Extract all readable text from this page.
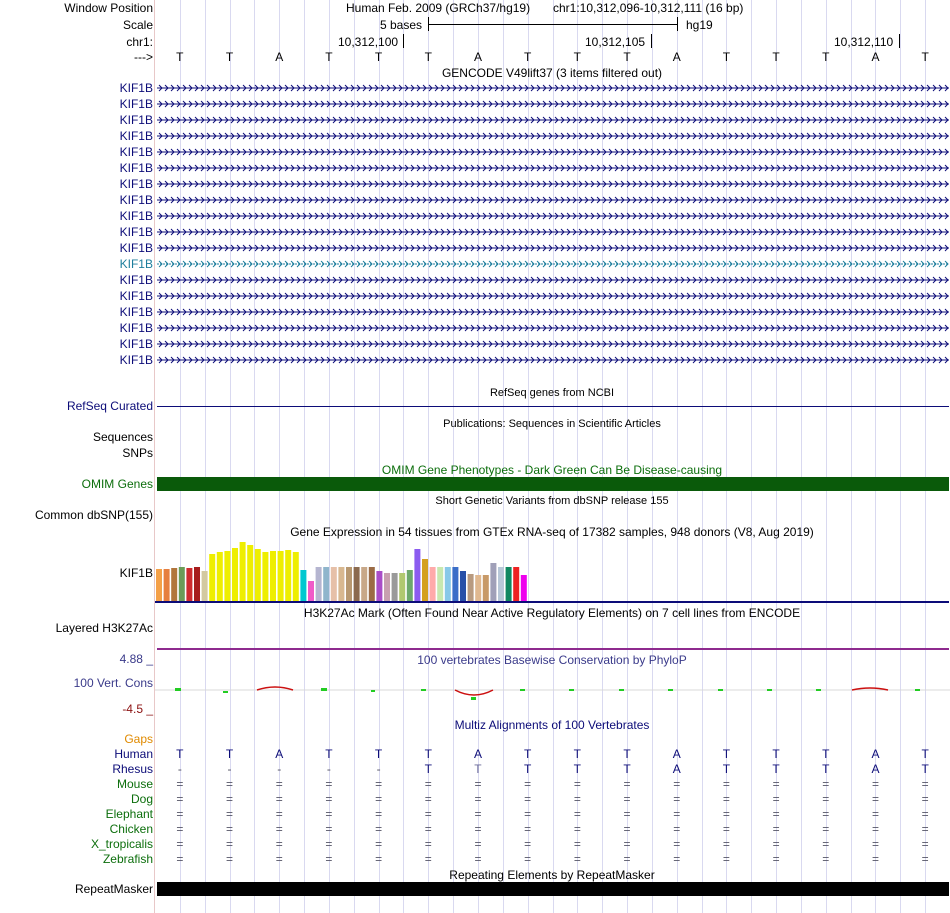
Window Position	Human Feb. 2009 (GRCh37/hg19) chr1:10,312,096-10,312,111 (16 bp)
Scale	5 bases	hg19
chr1:	10,312,100	10,312,105	10,312,110
---> T	T	A	T	T	T	A	T	T	T	A	T	T	T	A	T
GENCODE V49lift37 (3 items filtered out)
KIF1B
KIF1B
KIF1B
KIF1B
KIF1B
KIF1B
KIF1B
KIF1B
KIF1B
KIF1B
KIF1B
KIF1B
KIF1B
KIF1B
KIF1B
KIF1B
KIF1B
KIF1B
RefSeq genes from NCBI
RefSeq Curated
Publications: Sequences in Scientific Articles
Sequences
SNPs
OMIM Gene Phenotypes - Dark Green Can Be Disease-causing
OMIM Genes
Short Genetic Variants from dbSNP release 155
Common dbSNP(155)
Gene Expression in 54 tissues from GTEx RNA-seq of 17382 samples, 948 donors (V8, Aug 2019)
KIF1B
H3K27Ac Mark (Often Found Near Active Regulatory Elements) on 7 cell lines from ENCODE
Layered H3K27Ac
100 vertebrates Basewise Conservation by PhyloP
4.88 _
100 Vert. Cons
-4.5 _
Multiz Alignments of 100 Vertebrates
Gaps
Human T	T	A	T	T	T	A	T	T	T	A	T	T	T	A	T
Rhesus	-	-	-	-	-	T	T	T	T	T	A	T	T	T	A	T
Mouse =	=	=	=	=	=	=	=	=	=	=	=	=	=	=	=
Dog =	=	=	=	=	=	=	=	=	=	=	=	=	=	=	=
Elephant =	=	=	=	=	=	=	=	=	=	=	=	=	=	=	=
Chicken =	=	=	=	=	=	=	=	=	=	=	=	=	=	=	=
X_tropicalis =	=	=	=	=	=	=	=	=	=	=	=	=	=	=	=
Zebrafish =	=	=	=	=	=	=	=	=	=	=	=	=	=	=	=
Repeating Elements by RepeatMasker
RepeatMasker
